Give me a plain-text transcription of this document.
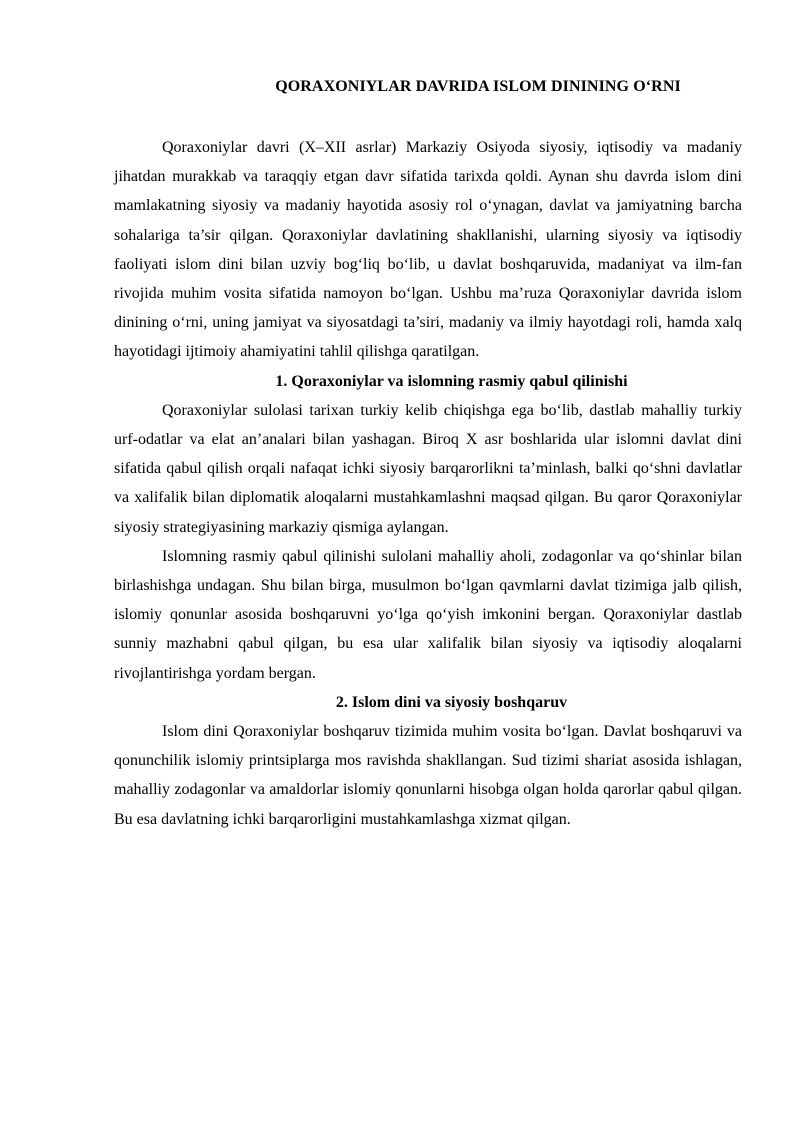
QORAXONIYLAR DAVRIDA ISLOM DININING O‘RNI

Qoraxoniylar davri (X–XII asrlar) Markaziy Osiyoda siyosiy, iqtisodiy va madaniy jihatdan murakkab va taraqqiy etgan davr sifatida tarixda qoldi. Aynan shu davrda islom dini mamlakatning siyosiy va madaniy hayotida asosiy rol o‘ynagan, davlat va jamiyatning barcha sohalariga ta’sir qilgan. Qoraxoniylar davlatining shakllanishi, ularning siyosiy va iqtisodiy faoliyati islom dini bilan uzviy bog‘liq bo‘lib, u davlat boshqaruvida, madaniyat va ilm-fan rivojida muhim vosita sifatida namoyon bo‘lgan. Ushbu ma’ruza Qoraxoniylar davrida islom dinining o‘rni, uning jamiyat va siyosatdagi ta’siri, madaniy va ilmiy hayotdagi roli, hamda xalq hayotidagi ijtimoiy ahamiyatini tahlil qilishga qaratilgan.

1. Qoraxoniylar va islomning rasmiy qabul qilinishi

Qoraxoniylar sulolasi tarixan turkiy kelib chiqishga ega bo‘lib, dastlab mahalliy turkiy urf-odatlar va elat an’analari bilan yashagan. Biroq X asr boshlarida ular islomni davlat dini sifatida qabul qilish orqali nafaqat ichki siyosiy barqarorlikni ta’minlash, balki qo‘shni davlatlar va xalifalik bilan diplomatik aloqalarni mustahkamlashni maqsad qilgan. Bu qaror Qoraxoniylar siyosiy strategiyasining markaziy qismiga aylangan.

Islomning rasmiy qabul qilinishi sulolani mahalliy aholi, zodagonlar va qo‘shinlar bilan birlashishga undagan. Shu bilan birga, musulmon bo‘lgan qavmlarni davlat tizimiga jalb qilish, islomiy qonunlar asosida boshqaruvni yo‘lga qo‘yish imkonini bergan. Qoraxoniylar dastlab sunniy mazhabni qabul qilgan, bu esa ular xalifalik bilan siyosiy va iqtisodiy aloqalarni rivojlantirishga yordam bergan.

2. Islom dini va siyosiy boshqaruv

Islom dini Qoraxoniylar boshqaruv tizimida muhim vosita bo‘lgan. Davlat boshqaruvi va qonunchilik islomiy printsiplarga mos ravishda shakllangan. Sud tizimi shariat asosida ishlagan, mahalliy zodagonlar va amaldorlar islomiy qonunlarni hisobga olgan holda qarorlar qabul qilgan. Bu esa davlatning ichki barqarorligini mustahkamlashga xizmat qilgan.
